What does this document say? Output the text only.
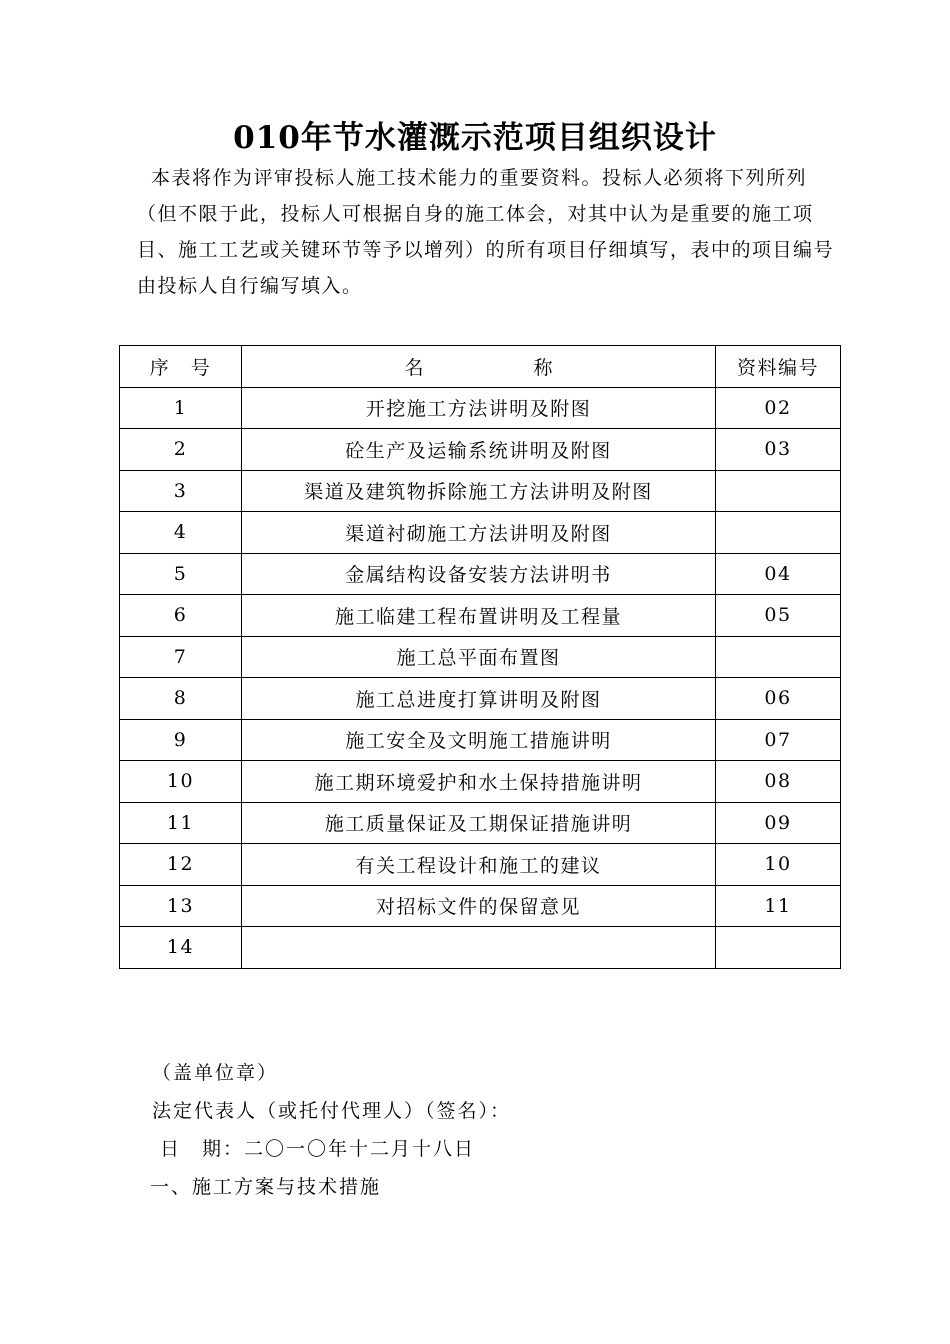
010年节水灌溉示范项目组织设计
本表将作为评审投标人施工技术能力的重要资料。投标人必须将下列所列（但不限于此，投标人可根据自身的施工体会，对其中认为是重要的施工项目、施工工艺或关键环节等予以增列）的所有项目仔细填写，表中的项目编号由投标人自行编写填入。
序　号	名 称	资料编号
1	开挖施工方法讲明及附图	02
2	砼生产及运输系统讲明及附图	03
3	渠道及建筑物拆除施工方法讲明及附图	
4	渠道衬砌施工方法讲明及附图	
5	金属结构设备安装方法讲明书	04
6	施工临建工程布置讲明及工程量	05
7	施工总平面布置图	
8	施工总进度打算讲明及附图	06
9	施工安全及文明施工措施讲明	07
10	施工期环境爱护和水土保持措施讲明	08
11	施工质量保证及工期保证措施讲明	09
12	有关工程设计和施工的建议	10
13	对招标文件的保留意见	11
14		
（盖单位章）
法定代表人（或托付代理人）（签名）：
日　期：二〇一〇年十二月十八日
一、施工方案与技术措施
